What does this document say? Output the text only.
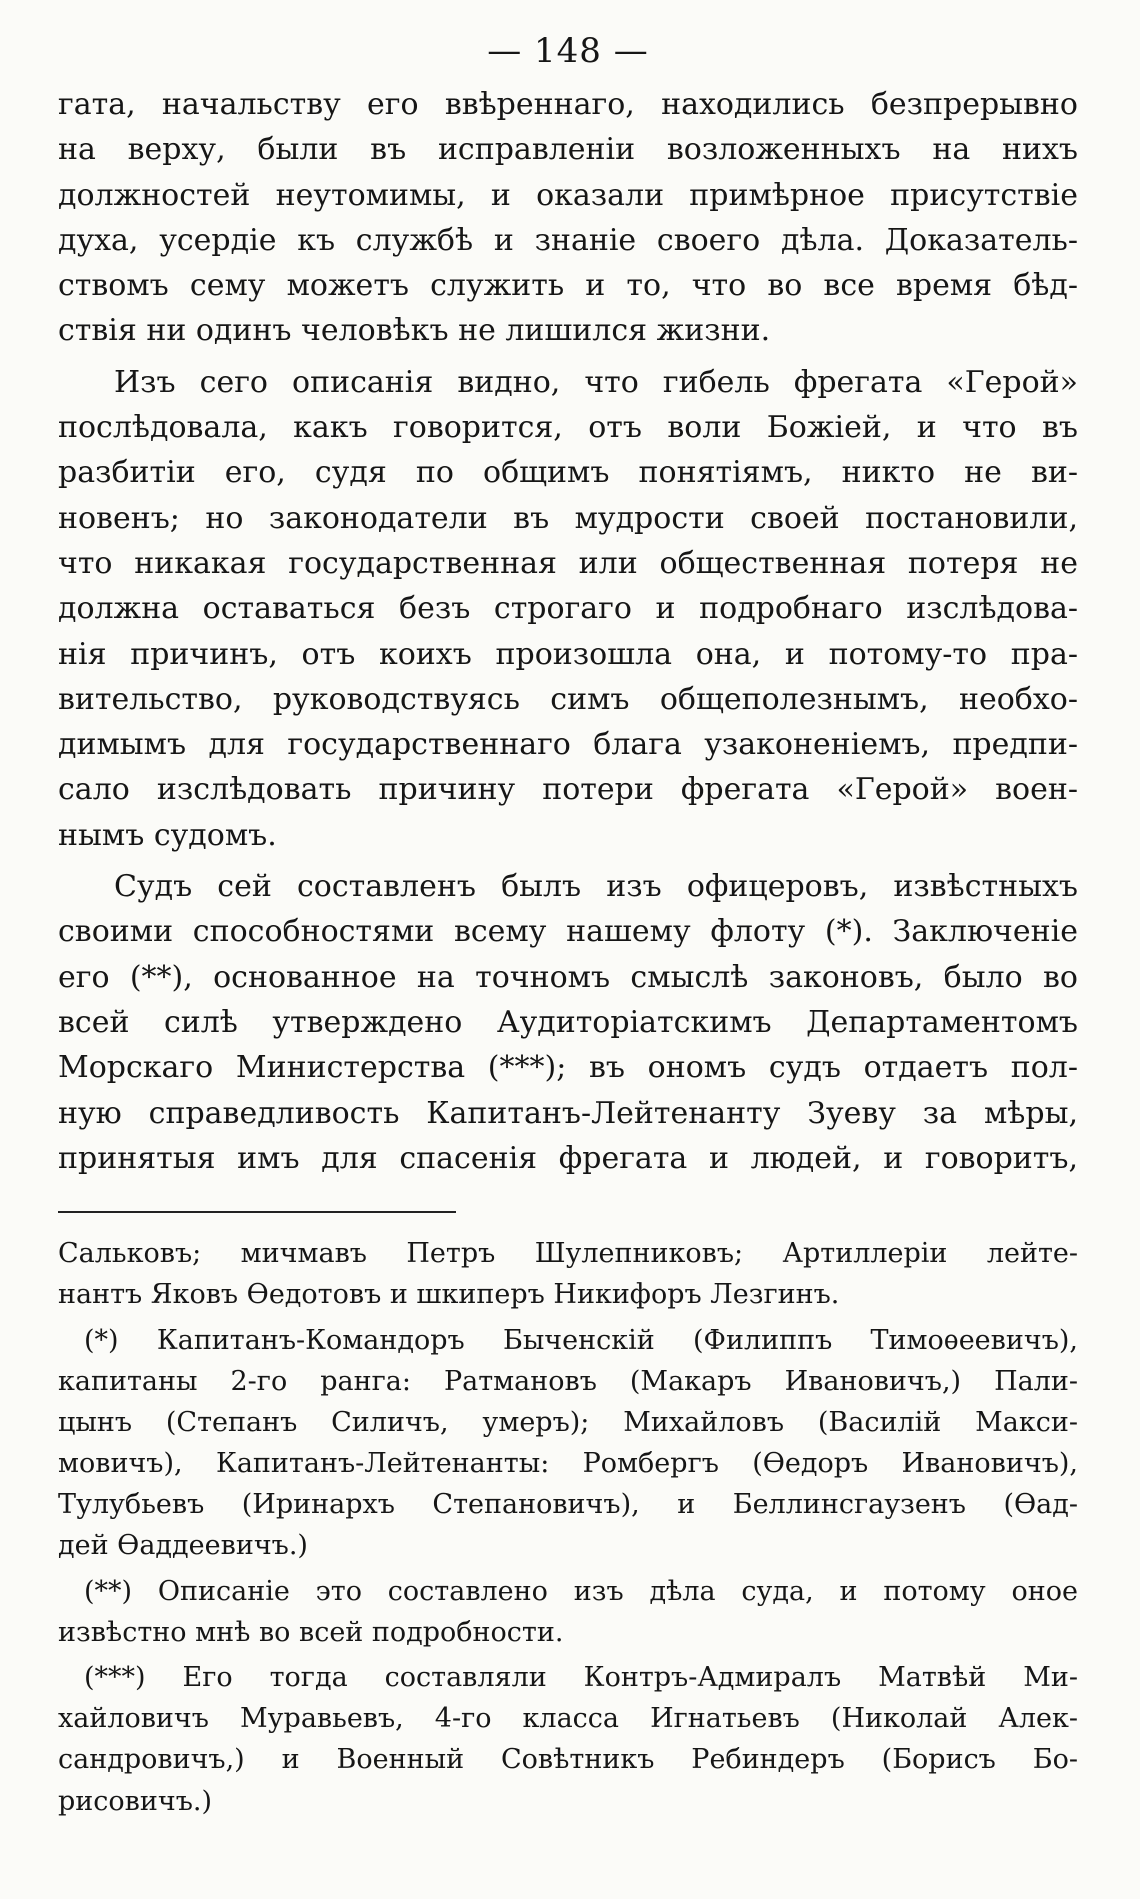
— 148 —
гата, начальству его ввѣреннаго, находились безпрерывно
на верху, были въ исправленіи возложенныхъ на нихъ
должностей неутомимы, и оказали примѣрное присутствіе
духа, усердіе къ службѣ и знаніе своего дѣла. Доказатель-
ствомъ сему можетъ служить и то, что во все время бѣд-
ствія ни одинъ человѣкъ не лишился жизни.
Изъ сего описанія видно, что гибель фрегата «Герой»
послѣдовала, какъ говорится, отъ воли Божіей, и что въ
разбитіи его, судя по общимъ понятіямъ, никто не ви-
новенъ; но законодатели въ мудрости своей постановили,
что никакая государственная или общественная потеря не
должна оставаться безъ строгаго и подробнаго изслѣдова-
нія причинъ, отъ коихъ произошла она, и потому-то пра-
вительство, руководствуясь симъ общеполезнымъ, необхо-
димымъ для государственнаго блага узаконеніемъ, предпи-
сало изслѣдовать причину потери фрегата «Герой» воен-
нымъ судомъ.
Судъ сей составленъ былъ изъ офицеровъ, извѣстныхъ
своими способностями всему нашему флоту (*). Заключеніе
его (**), основанное на точномъ смыслѣ законовъ, было во
всей силѣ утверждено Аудиторіатскимъ Департаментомъ
Морскаго Министерства (***); въ ономъ судъ отдаетъ пол-
ную справедливость Капитанъ-Лейтенанту Зуеву за мѣры,
принятыя имъ для спасенія фрегата и людей, и говоритъ,
Сальковъ; мичмавъ Петръ Шулепниковъ; Артиллеріи лейте-
нантъ Яковъ Өедотовъ и шкиперъ Никифоръ Лезгинъ.
(*) Капитанъ-Командоръ Быченскій (Филиппъ Тимоѳеевичъ),
капитаны 2-го ранга: Ратмановъ (Макаръ Ивановичъ,) Пали-
цынъ (Степанъ Силичъ, умеръ); Михайловъ (Василій Макси-
мовичъ), Капитанъ-Лейтенанты: Ромбергъ (Өедоръ Ивановичъ),
Тулубьевъ (Иринархъ Степановичъ), и Беллинсгаузенъ (Өад-
дей Өаддеевичъ.)
(**) Описаніе это составлено изъ дѣла суда, и потому оное
извѣстно мнѣ во всей подробности.
(***) Его тогда составляли Контръ-Адмиралъ Матвѣй Ми-
хайловичъ Муравьевъ, 4-го класса Игнатьевъ (Николай Алек-
сандровичъ,) и Военный Совѣтникъ Ребиндеръ (Борисъ Бо-
рисовичъ.)
